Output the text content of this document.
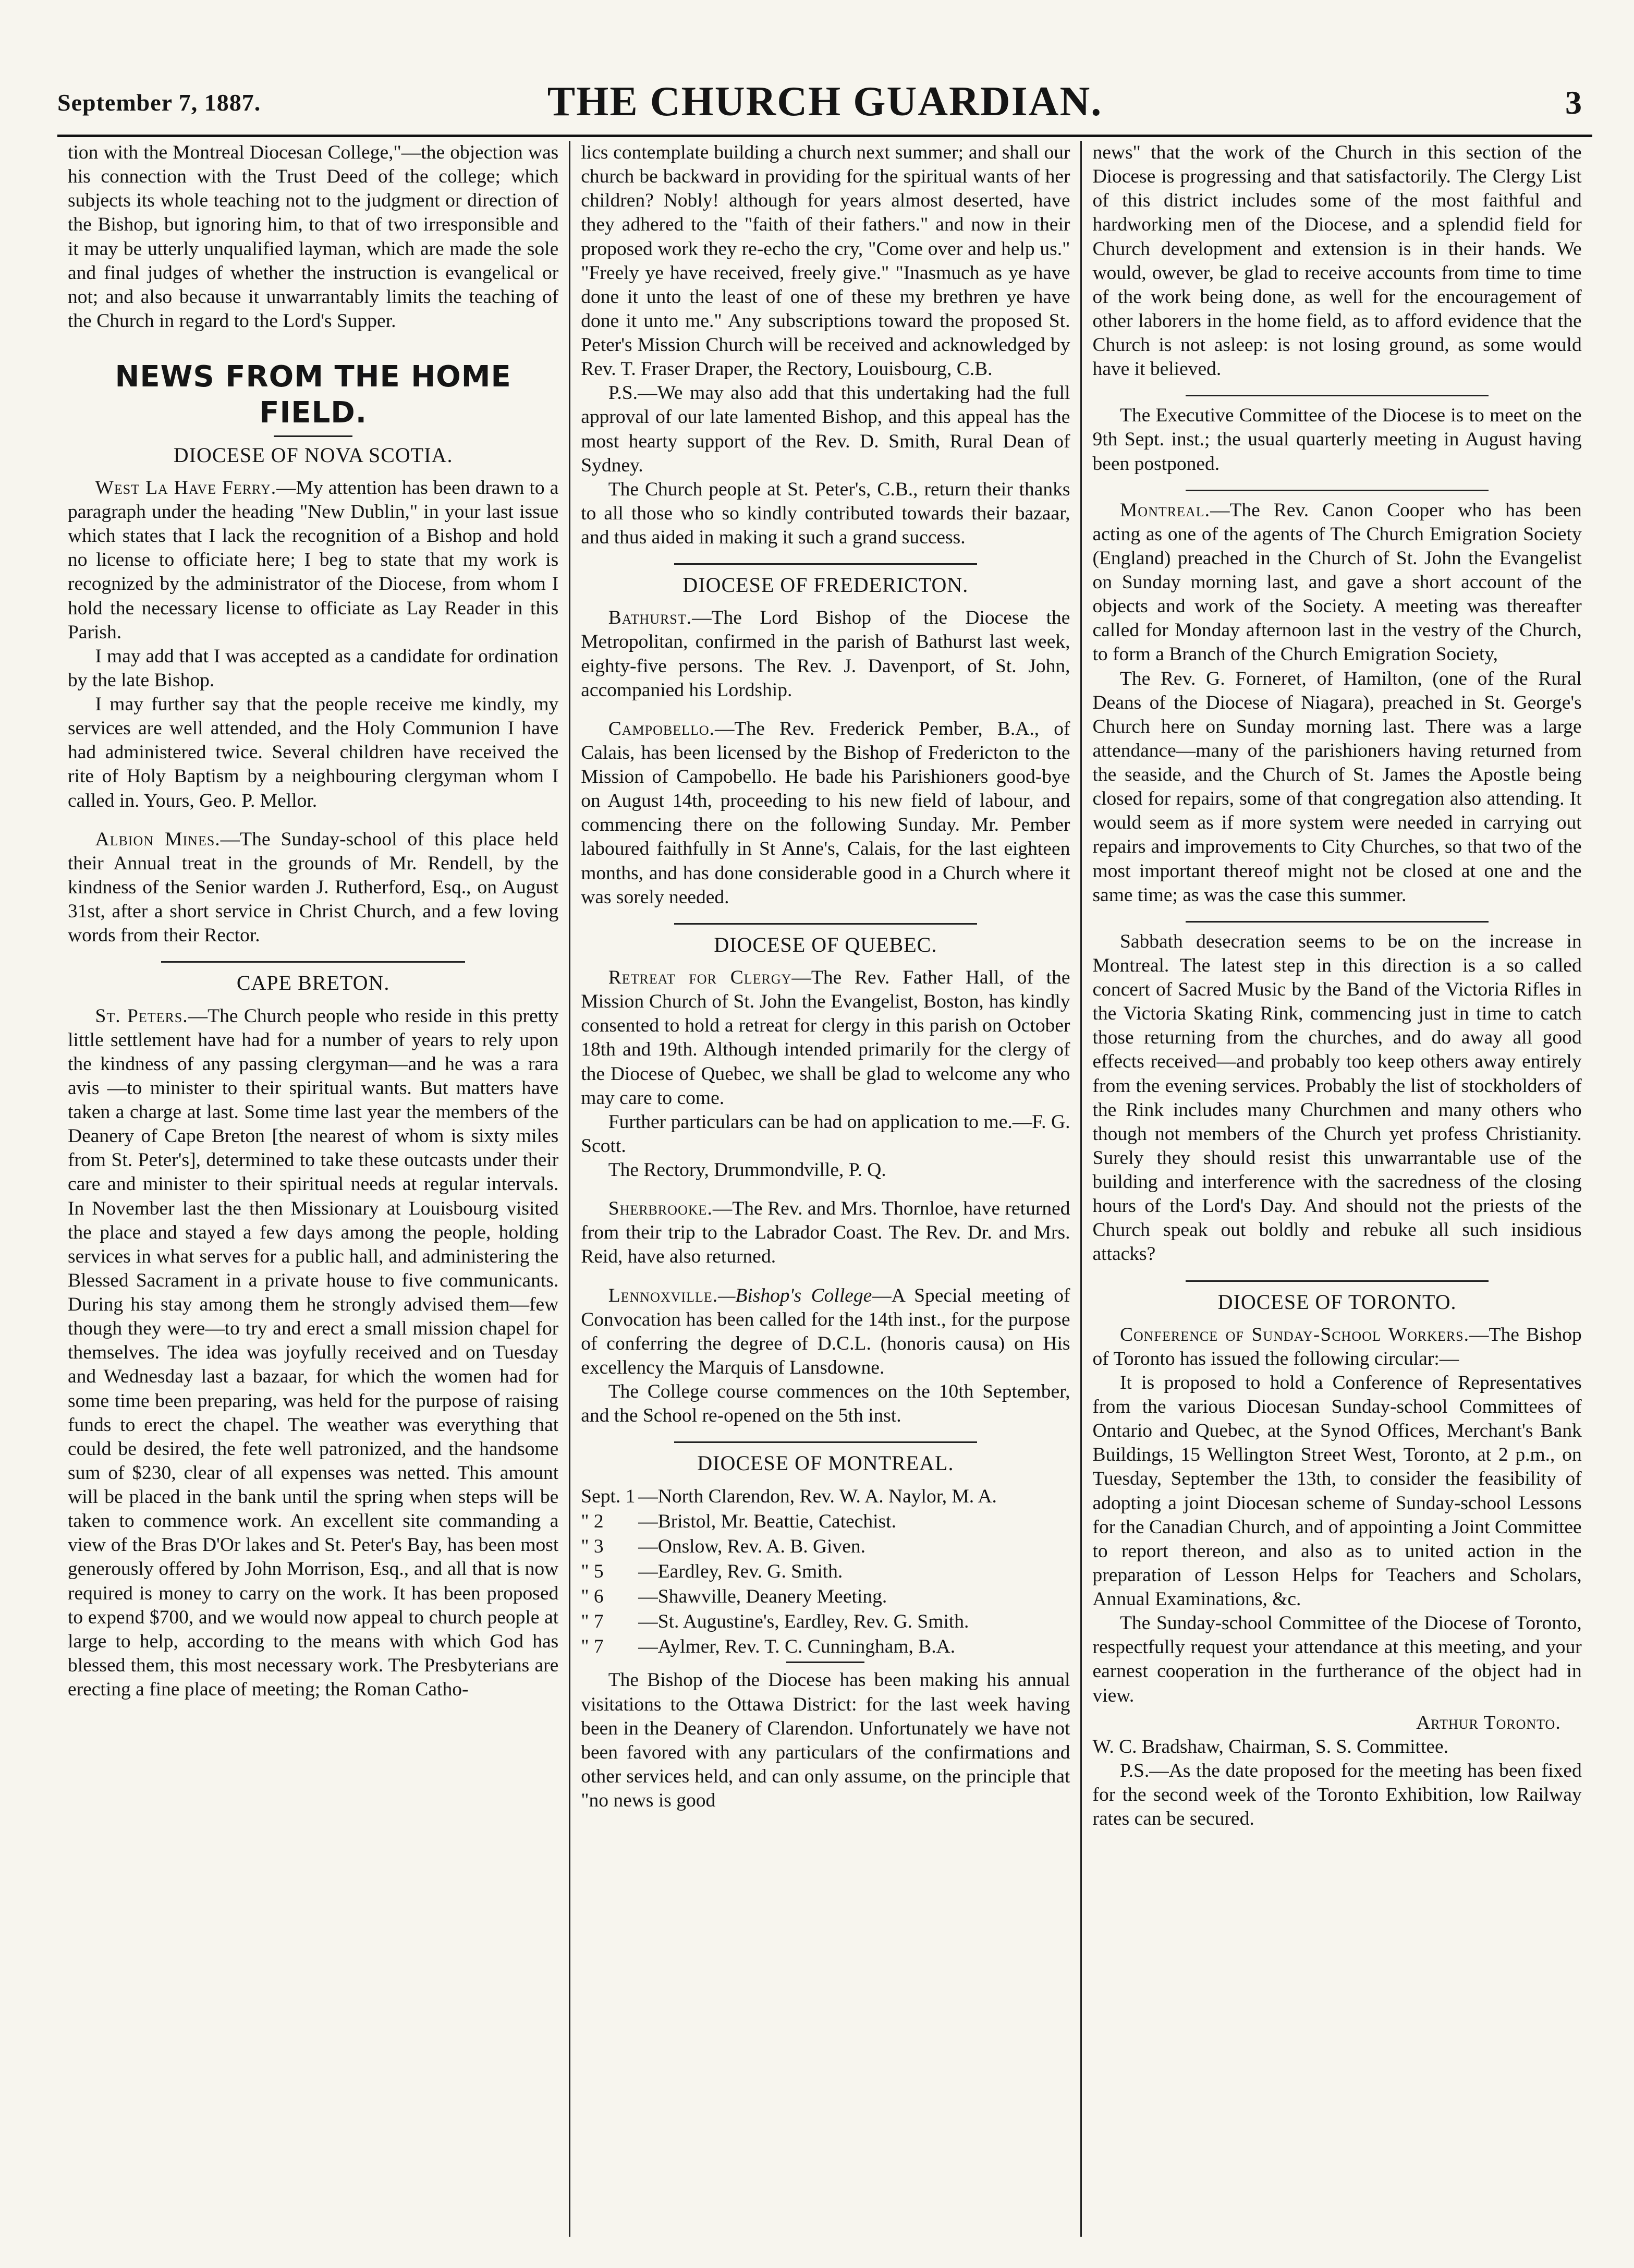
September 7, 1887.	THE CHURCH GUARDIAN.	3

tion with the Montreal Diocesan College,"—the objection was his connection with the Trust Deed of the college; which subjects its whole teaching not to the judgment or direction of the Bishop, but ignoring him, to that of two irresponsible and it may be utterly unqualified layman, which are made the sole and final judges of whether the instruction is evangelical or not; and also because it unwarrantably limits the teaching of the Church in regard to the Lord's Supper.

NEWS FROM THE HOME FIELD.
DIOCESE OF NOVA SCOTIA.

West La Have Ferry.—My attention has been drawn to a paragraph under the heading "New Dublin," in your last issue which states that I lack the recognition of a Bishop and hold no license to officiate here; I beg to state that my work is recognized by the administrator of the Diocese, from whom I hold the necessary license to officiate as Lay Reader in this Parish.

I may add that I was accepted as a candidate for ordination by the late Bishop.

I may further say that the people receive me kindly, my services are well attended, and the Holy Communion I have had administered twice. Several children have received the rite of Holy Baptism by a neighbouring clergyman whom I called in. Yours, Geo. P. Mellor.

Albion Mines.—The Sunday-school of this place held their Annual treat in the grounds of Mr. Rendell, by the kindness of the Senior warden J. Rutherford, Esq., on August 31st, after a short service in Christ Church, and a few loving words from their Rector.

CAPE BRETON.

St. Peters.—The Church people who reside in this pretty little settlement have had for a number of years to rely upon the kindness of any passing clergyman—and he was a rara avis —to minister to their spiritual wants. But matters have taken a charge at last. Some time last year the members of the Deanery of Cape Breton [the nearest of whom is sixty miles from St. Peter's], determined to take these outcasts under their care and minister to their spiritual needs at regular intervals. In November last the then Missionary at Louisbourg visited the place and stayed a few days among the people, holding services in what serves for a public hall, and administering the Blessed Sacrament in a private house to five communicants. During his stay among them he strongly advised them—few though they were—to try and erect a small mission chapel for themselves. The idea was joyfully received and on Tuesday and Wednesday last a bazaar, for which the women had for some time been preparing, was held for the purpose of raising funds to erect the chapel. The weather was everything that could be desired, the fete well patronized, and the handsome sum of $230, clear of all expenses was netted. This amount will be placed in the bank until the spring when steps will be taken to commence work. An excellent site commanding a view of the Bras D'Or lakes and St. Peter's Bay, has been most generously offered by John Morrison, Esq., and all that is now required is money to carry on the work. It has been proposed to expend $700, and we would now appeal to church people at large to help, according to the means with which God has blessed them, this most necessary work. The Presbyterians are erecting a fine place of meeting; the Roman Catho-

lics contemplate building a church next summer; and shall our church be backward in providing for the spiritual wants of her children? Nobly! although for years almost deserted, have they adhered to the "faith of their fathers." and now in their proposed work they re-echo the cry, "Come over and help us." "Freely ye have received, freely give." "Inasmuch as ye have done it unto the least of one of these my brethren ye have done it unto me." Any subscriptions toward the proposed St. Peter's Mission Church will be received and acknowledged by Rev. T. Fraser Draper, the Rectory, Louisbourg, C.B.

P.S.—We may also add that this undertaking had the full approval of our late lamented Bishop, and this appeal has the most hearty support of the Rev. D. Smith, Rural Dean of Sydney.

The Church people at St. Peter's, C.B., return their thanks to all those who so kindly contributed towards their bazaar, and thus aided in making it such a grand success.

DIOCESE OF FREDERICTON.

Bathurst.—The Lord Bishop of the Diocese the Metropolitan, confirmed in the parish of Bathurst last week, eighty-five persons. The Rev. J. Davenport, of St. John, accompanied his Lordship.

Campobello.—The Rev. Frederick Pember, B.A., of Calais, has been licensed by the Bishop of Fredericton to the Mission of Campobello. He bade his Parishioners good-bye on August 14th, proceeding to his new field of labour, and commencing there on the following Sunday. Mr. Pember laboured faithfully in St Anne's, Calais, for the last eighteen months, and has done considerable good in a Church where it was sorely needed.

DIOCESE OF QUEBEC.

Retreat for Clergy—The Rev. Father Hall, of the Mission Church of St. John the Evangelist, Boston, has kindly consented to hold a retreat for clergy in this parish on October 18th and 19th. Although intended primarily for the clergy of the Diocese of Quebec, we shall be glad to welcome any who may care to come.

Further particulars can be had on application to me.—F. G. Scott.

The Rectory, Drummondville, P. Q.

Sherbrooke.—The Rev. and Mrs. Thornloe, have returned from their trip to the Labrador Coast. The Rev. Dr. and Mrs. Reid, have also returned.

Lennoxville.—Bishop's College—A Special meeting of Convocation has been called for the 14th inst., for the purpose of conferring the degree of D.C.L. (honoris causa) on His excellency the Marquis of Lansdowne.

The College course commences on the 10th September, and the School re-opened on the 5th inst.

DIOCESE OF MONTREAL.
Sept. 1 —North Clarendon, Rev. W. A. Naylor, M. A.
" 2	—Bristol, Mr. Beattie, Catechist.
" 3	—Onslow, Rev. A. B. Given.
" 5	—Eardley, Rev. G. Smith.
" 6	—Shawville, Deanery Meeting.
" 7	—St. Augustine's, Eardley, Rev. G. Smith.
" 7	—Aylmer, Rev. T. C. Cunningham, B.A.

The Bishop of the Diocese has been making his annual visitations to the Ottawa District: for the last week having been in the Deanery of Clarendon. Unfortunately we have not been favored with any particulars of the confirmations and other services held, and can only assume, on the principle that "no news is good

news" that the work of the Church in this section of the Diocese is progressing and that satisfactorily. The Clergy List of this district includes some of the most faithful and hardworking men of the Diocese, and a splendid field for Church development and extension is in their hands. We would, owever, be glad to receive accounts from time to time of the work being done, as well for the encouragement of other laborers in the home field, as to afford evidence that the Church is not asleep: is not losing ground, as some would have it believed.

The Executive Committee of the Diocese is to meet on the 9th Sept. inst.; the usual quarterly meeting in August having been postponed.

Montreal.—The Rev. Canon Cooper who has been acting as one of the agents of The Church Emigration Society (England) preached in the Church of St. John the Evangelist on Sunday morning last, and gave a short account of the objects and work of the Society. A meeting was thereafter called for Monday afternoon last in the vestry of the Church, to form a Branch of the Church Emigration Society,

The Rev. G. Forneret, of Hamilton, (one of the Rural Deans of the Diocese of Niagara), preached in St. George's Church here on Sunday morning last. There was a large attendance—many of the parishioners having returned from the seaside, and the Church of St. James the Apostle being closed for repairs, some of that congregation also attending. It would seem as if more system were needed in carrying out repairs and improvements to City Churches, so that two of the most important thereof might not be closed at one and the same time; as was the case this summer.

Sabbath desecration seems to be on the increase in Montreal. The latest step in this direction is a so called concert of Sacred Music by the Band of the Victoria Rifles in the Victoria Skating Rink, commencing just in time to catch those returning from the churches, and do away all good effects received—and probably too keep others away entirely from the evening services. Probably the list of stockholders of the Rink includes many Churchmen and many others who though not members of the Church yet profess Christianity. Surely they should resist this unwarrantable use of the building and interference with the sacredness of the closing hours of the Lord's Day. And should not the priests of the Church speak out boldly and rebuke all such insidious attacks?

DIOCESE OF TORONTO.

Conference of Sunday-School Workers.—The Bishop of Toronto has issued the following circular:—

It is proposed to hold a Conference of Representatives from the various Diocesan Sunday-school Committees of Ontario and Quebec, at the Synod Offices, Merchant's Bank Buildings, 15 Wellington Street West, Toronto, at 2 p.m., on Tuesday, September the 13th, to consider the feasibility of adopting a joint Diocesan scheme of Sunday-school Lessons for the Canadian Church, and of appointing a Joint Committee to report thereon, and also as to united action in the preparation of Lesson Helps for Teachers and Scholars, Annual Examinations, &c.

The Sunday-school Committee of the Diocese of Toronto, respectfully request your attendance at this meeting, and your earnest cooperation in the furtherance of the object had in view.

Arthur Toronto.

W. C. Bradshaw, Chairman, S. S. Committee.

P.S.—As the date proposed for the meeting has been fixed for the second week of the Toronto Exhibition, low Railway rates can be secured.
